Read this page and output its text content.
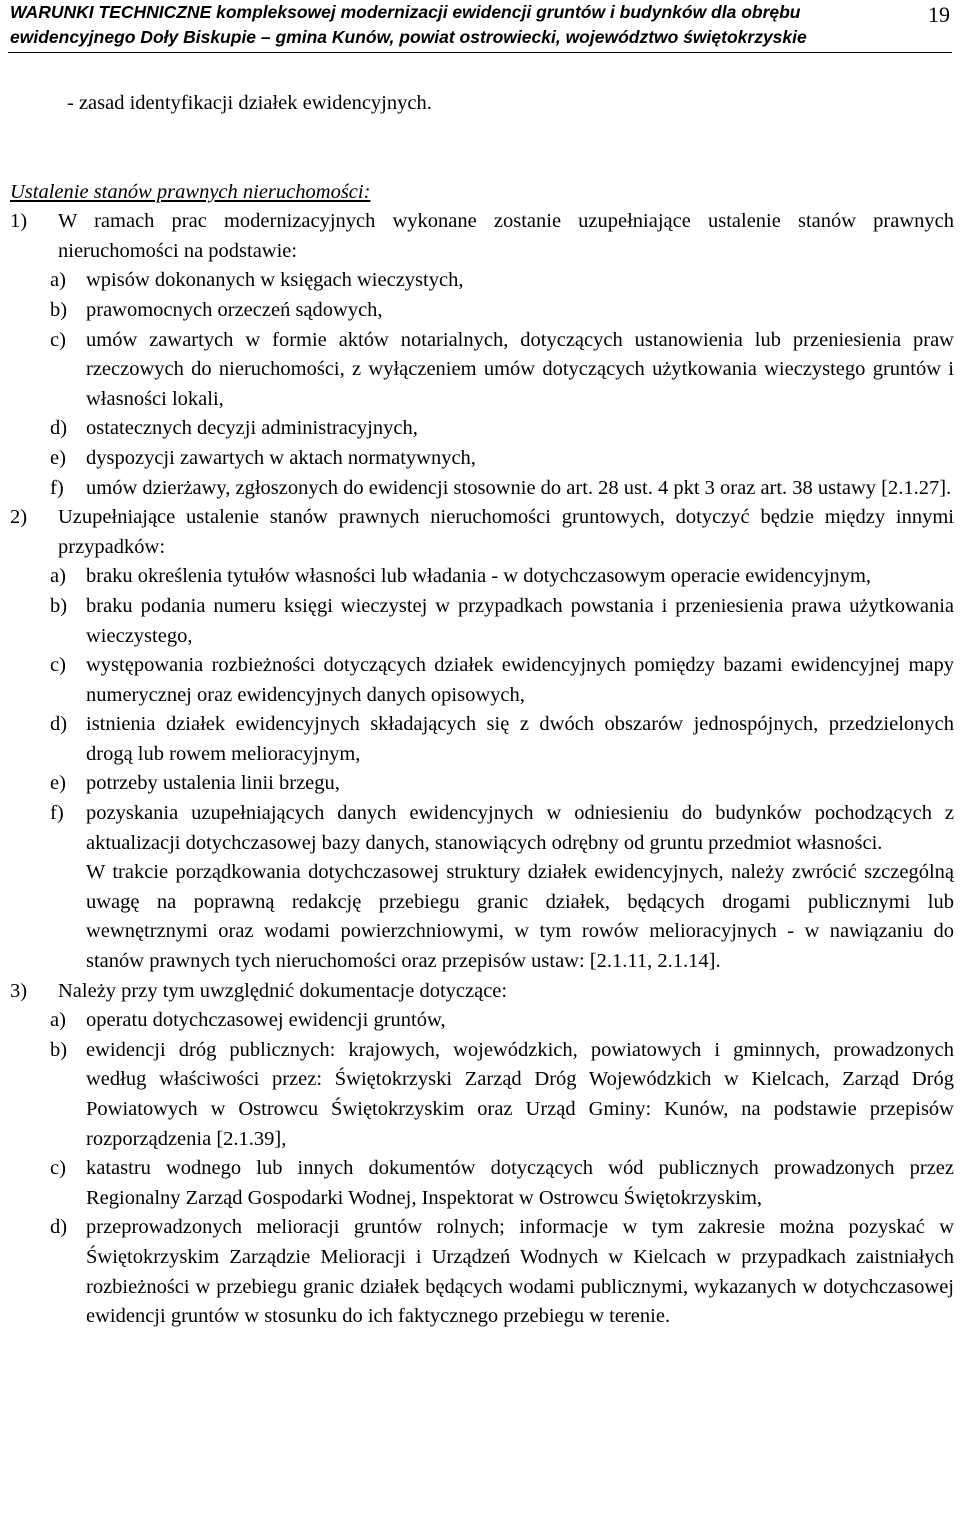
WARUNKI TECHNICZNE kompleksowej modernizacji ewidencji gruntów i budynków dla obrębu
ewidencyjnego Doły Biskupie – gmina Kunów, powiat ostrowiecki, województwo świętokrzyskie
19
- zasad identyfikacji działek ewidencyjnych.
Ustalenie stanów prawnych nieruchomości:
1)	W ramach prac modernizacyjnych wykonane zostanie uzupełniające ustalenie stanów prawnych nieruchomości na podstawie:

a) wpisów dokonanych w księgach wieczystych,

b) prawomocnych orzeczeń sądowych,

c) umów zawartych w formie aktów notarialnych, dotyczących ustanowienia lub przeniesienia praw rzeczowych do nieruchomości, z wyłączeniem umów dotyczących użytkowania wieczystego gruntów i własności lokali,

d) ostatecznych decyzji administracyjnych,

e) dyspozycji zawartych w aktach normatywnych,

f)	umów dzierżawy, zgłoszonych do ewidencji stosownie do art. 28 ust. 4 pkt 3 oraz art. 38 ustawy [2.1.27].

2)	Uzupełniające ustalenie stanów prawnych nieruchomości gruntowych, dotyczyć będzie między innymi przypadków:

a) braku określenia tytułów własności lub władania - w dotychczasowym operacie ewidencyjnym,

b) braku podania numeru księgi wieczystej w przypadkach powstania i przeniesienia prawa użytkowania wieczystego,

c) występowania rozbieżności dotyczących działek ewidencyjnych pomiędzy bazami ewidencyjnej mapy numerycznej oraz ewidencyjnych danych opisowych,

d) istnienia działek ewidencyjnych składających się z dwóch obszarów jednospójnych, przedzielonych drogą lub rowem melioracyjnym,

e) potrzeby ustalenia linii brzegu,

f)	pozyskania uzupełniających danych ewidencyjnych w odniesieniu do budynków pochodzących z aktualizacji dotychczasowej bazy danych, stanowiących odrębny od gruntu przedmiot własności.

W trakcie porządkowania dotychczasowej struktury działek ewidencyjnych, należy zwrócić szczególną uwagę na poprawną redakcję przebiegu granic działek, będących drogami publicznymi lub wewnętrznymi oraz wodami powierzchniowymi, w tym rowów melioracyjnych - w nawiązaniu do stanów prawnych tych nieruchomości oraz przepisów ustaw: [2.1.11, 2.1.14].

3)	Należy przy tym uwzględnić dokumentacje dotyczące:

a) operatu dotychczasowej ewidencji gruntów,

b) ewidencji dróg publicznych: krajowych, wojewódzkich, powiatowych i gminnych, prowadzonych według właściwości przez: Świętokrzyski Zarząd Dróg Wojewódzkich w Kielcach, Zarząd Dróg Powiatowych w Ostrowcu Świętokrzyskim oraz Urząd Gminy: Kunów, na podstawie przepisów rozporządzenia [2.1.39],

c) katastru wodnego lub innych dokumentów dotyczących wód publicznych prowadzonych przez Regionalny Zarząd Gospodarki Wodnej, Inspektorat w Ostrowcu Świętokrzyskim,

d) przeprowadzonych melioracji gruntów rolnych; informacje w tym zakresie można pozyskać w Świętokrzyskim Zarządzie Melioracji i Urządzeń Wodnych w Kielcach w przypadkach zaistniałych rozbieżności w przebiegu granic działek będących wodami publicznymi, wykazanych w dotychczasowej ewidencji gruntów w stosunku do ich faktycznego przebiegu w terenie.
